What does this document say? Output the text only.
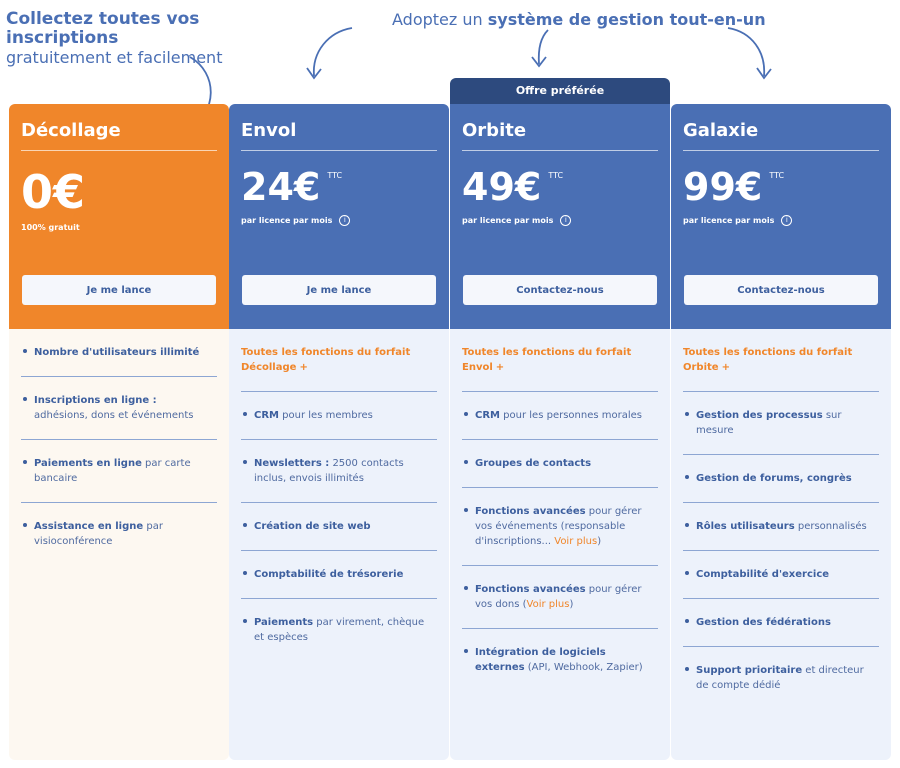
Collectez toutes vos inscriptions
gratuitement et facilement
Adoptez un système de gestion tout-en-un
Offre préférée
Décollage
0€
100% gratuit
Je me lance
Nombre d'utilisateurs illimité
Inscriptions en ligne :
adhésions, dons et événements
Paiements en ligne par carte bancaire
Assistance en ligne par visioconférence
Envol
24€ TTC
par licence par mois	i
Je me lance
Toutes les fonctions du forfait Décollage +
CRM pour les membres
Newsletters : 2500 contacts inclus, envois illimités
Création de site web
Comptabilité de trésorerie
Paiements par virement, chèque et espèces
Orbite
49€ TTC
par licence par mois	i
Contactez-nous
Toutes les fonctions du forfait Envol +
CRM pour les personnes morales
Groupes de contacts
Fonctions avancées pour gérer vos événements (responsable d'inscriptions... Voir plus)
Fonctions avancées pour gérer vos dons (Voir plus)
Intégration de logiciels externes (API, Webhook, Zapier)
Galaxie
99€ TTC
par licence par mois	i
Contactez-nous
Toutes les fonctions du forfait Orbite +
Gestion des processus sur mesure
Gestion de forums, congrès
Rôles utilisateurs personnalisés
Comptabilité d'exercice
Gestion des fédérations
Support prioritaire et directeur de compte dédié
